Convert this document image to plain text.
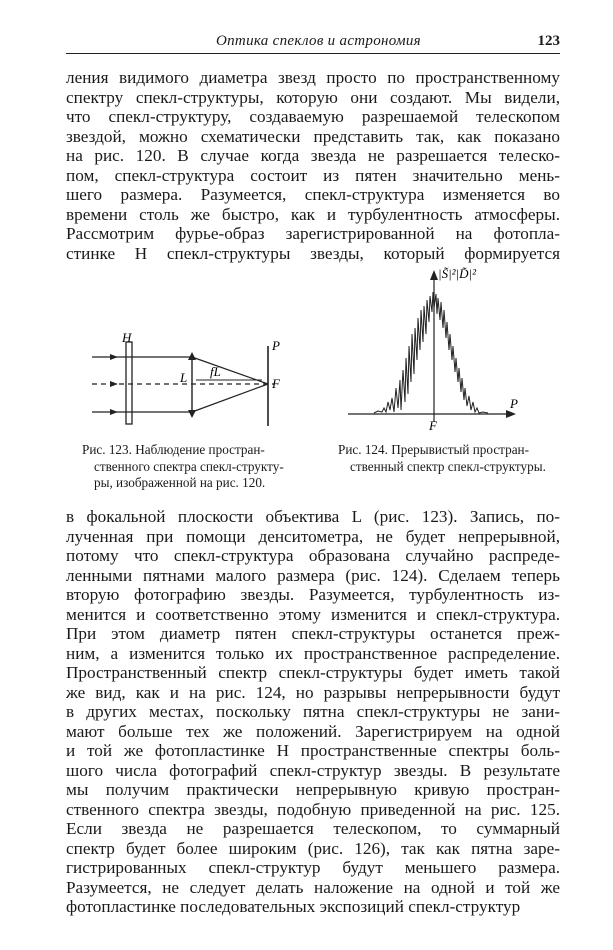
Оптика спеклов и астрономия	123

ления видимого диаметра звезд просто по пространственному
спектру спекл-структуры, которую они создают. Мы видели,
что спекл-структуру, создаваемую разрешаемой телескопом
звездой, можно схематически представить так, как показано
на рис. 120. В случае когда звезда не разрешается телеско-
пом, спекл-структура состоит из пятен значительно мень-
шего размера. Разумеется, спекл-структура изменяется во
времени столь же быстро, как и турбулентность атмосферы.
Рассмотрим фурье-образ зарегистрированной на фотопла-
стинке H спекл-структуры звезды, который формируется

H
P
L fL
F
Рис. 123. Наблюдение простран-
ственного спектра спекл-структу-
ры, изображенной на рис. 120.
|S̃|²|D̃|²
P
F
Рис. 124. Прерывистый простран-
ственный спектр спекл-структуры.

в фокальной плоскости объектива L (рис. 123). Запись, по-
лученная при помощи денситометра, не будет непрерывной,
потому что спекл-структура образована случайно распреде-
ленными пятнами малого размера (рис. 124). Сделаем теперь
вторую фотографию звезды. Разумеется, турбулентность из-
менится и соответственно этому изменится и спекл-структура.
При этом диаметр пятен спекл-структуры останется преж-
ним, а изменится только их пространственное распределение.
Пространственный спектр спекл-структуры будет иметь такой
же вид, как и на рис. 124, но разрывы непрерывности будут
в других местах, поскольку пятна спекл-структуры не зани-
мают больше тех же положений. Зарегистрируем на одной
и той же фотопластинке H пространственные спектры боль-
шого числа фотографий спекл-структур звезды. В результате
мы получим практически непрерывную кривую простран-
ственного спектра звезды, подобную приведенной на рис. 125.
Если звезда не разрешается телескопом, то суммарный
спектр будет более широким (рис. 126), так как пятна заре-
гистрированных спекл-структур будут меньшего размера.
Разумеется, не следует делать наложение на одной и той же
фотопластинке последовательных экспозиций спекл-структур
